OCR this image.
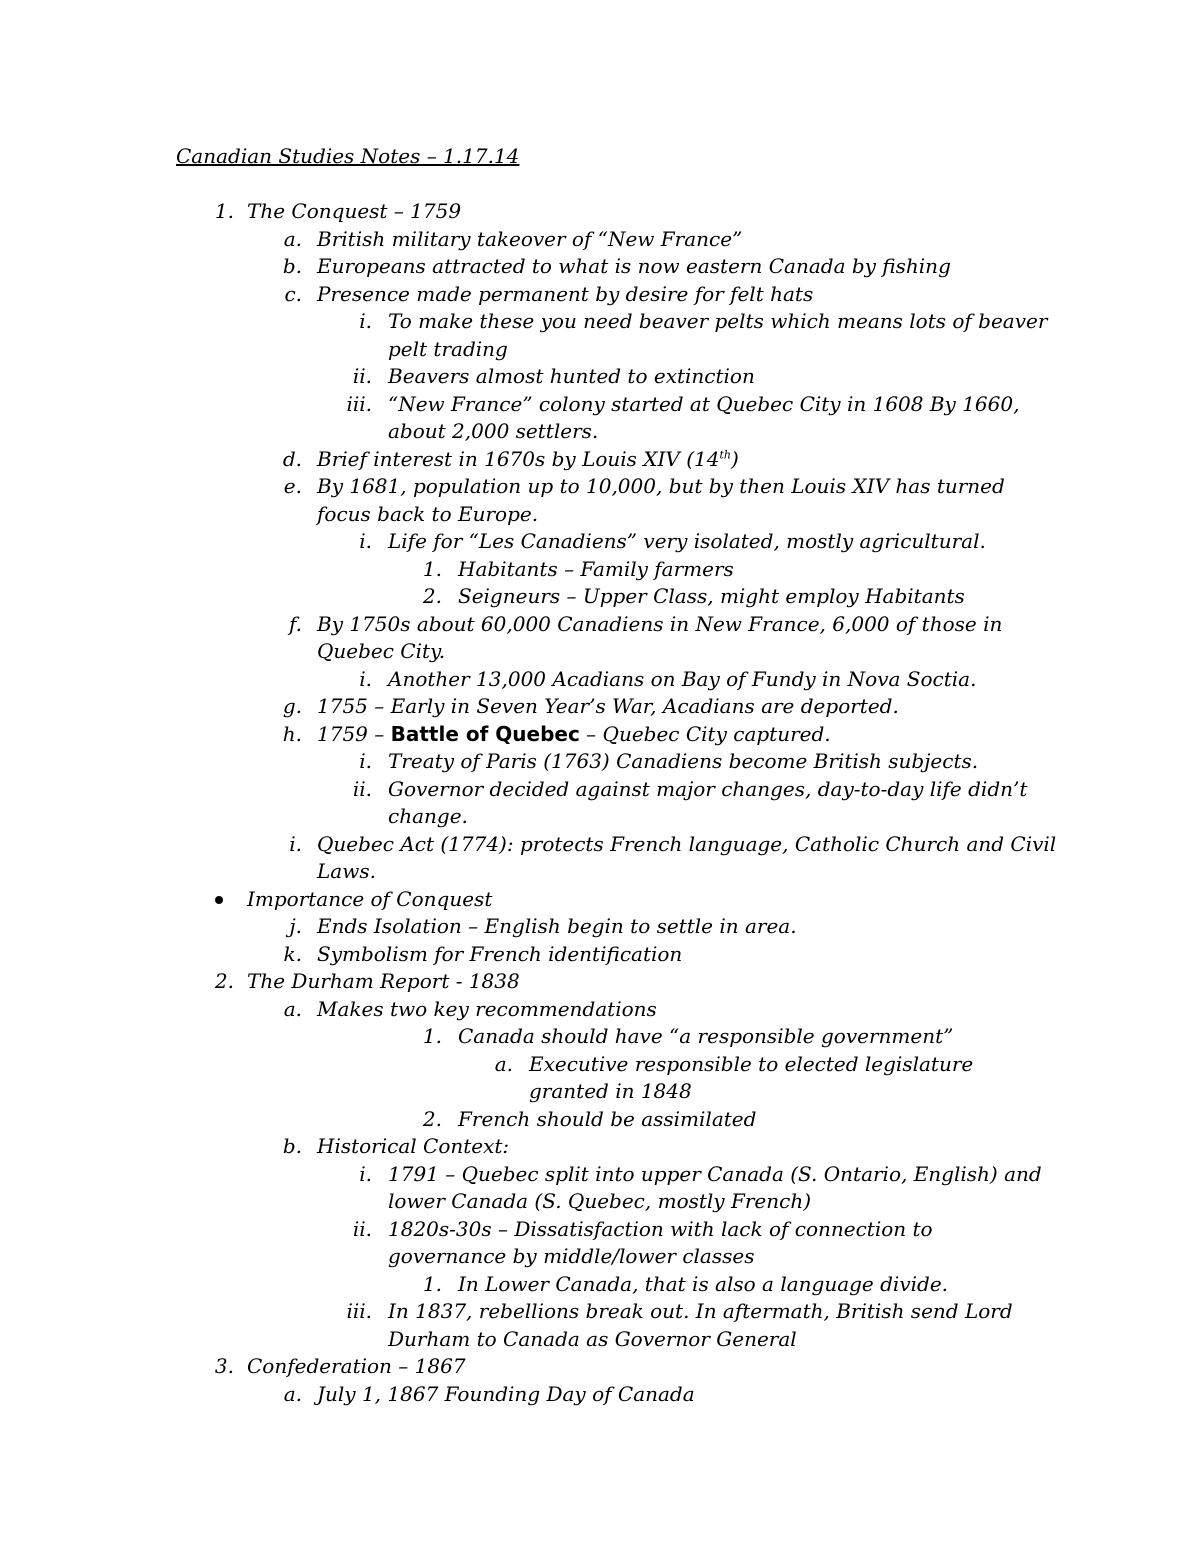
Canadian Studies Notes – 1.17.14
1. The Conquest – 1759
a. British military takeover of “New France”
b. Europeans attracted to what is now eastern Canada by fishing
c. Presence made permanent by desire for felt hats
i. To make these you need beaver pelts which means lots of beaver
pelt trading
ii. Beavers almost hunted to extinction
iii. “New France” colony started at Quebec City in 1608 By 1660,
about 2,000 settlers.
d. Brief interest in 1670s by Louis XIV (14th)
e. By 1681, population up to 10,000, but by then Louis XIV has turned
focus back to Europe.
i. Life for “Les Canadiens” very isolated, mostly agricultural.
1. Habitants – Family farmers
2. Seigneurs – Upper Class, might employ Habitants
f. By 1750s about 60,000 Canadiens in New France, 6,000 of those in
Quebec City.
i. Another 13,000 Acadians on Bay of Fundy in Nova Soctia.
g. 1755 – Early in Seven Year’s War, Acadians are deported.
h. 1759 – Battle of Quebec – Quebec City captured.
i. Treaty of Paris (1763) Canadiens become British subjects.
ii. Governor decided against major changes, day-to-day life didn’t
change.
i. Quebec Act (1774): protects French language, Catholic Church and Civil
Laws.
Importance of Conquest
j. Ends Isolation – English begin to settle in area.
k. Symbolism for French identification
2. The Durham Report - 1838
a. Makes two key recommendations
1. Canada should have “a responsible government”
a. Executive responsible to elected legislature
granted in 1848
2. French should be assimilated
b. Historical Context:
i. 1791 – Quebec split into upper Canada (S. Ontario, English) and
lower Canada (S. Quebec, mostly French)
ii. 1820s-30s – Dissatisfaction with lack of connection to
governance by middle/lower classes
1. In Lower Canada, that is also a language divide.
iii. In 1837, rebellions break out. In aftermath, British send Lord
Durham to Canada as Governor General
3. Confederation – 1867
a. July 1, 1867 Founding Day of Canada
